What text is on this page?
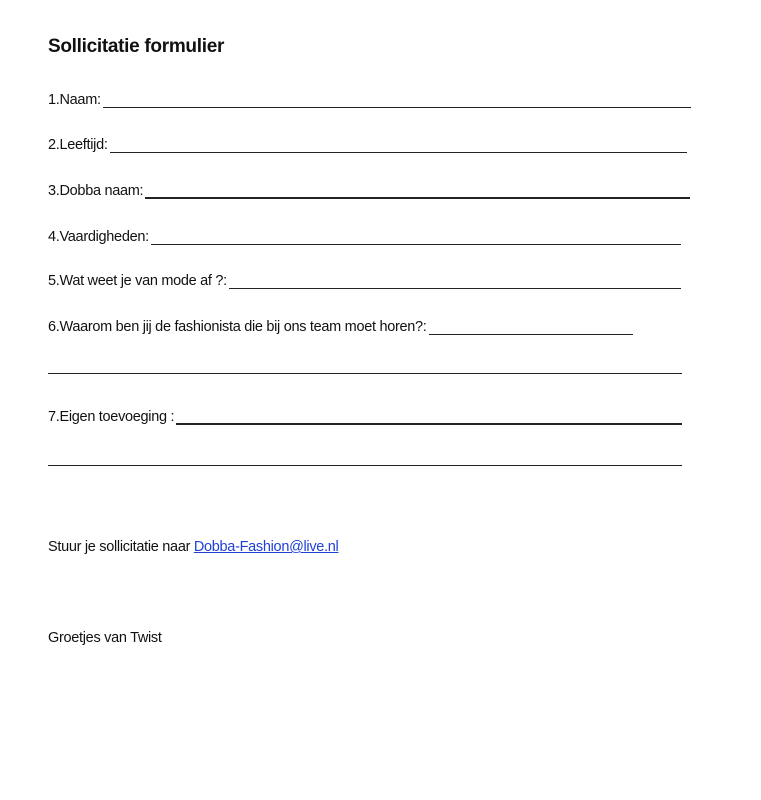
Sollicitatie formulier
1.Naam:
2.Leeftijd:
3.Dobba naam:
4.Vaardigheden:
5.Wat weet je van mode af ?:
6.Waarom ben jij de fashionista die bij ons team moet horen?:
7.Eigen toevoeging :
Stuur je sollicitatie naar Dobba-Fashion@live.nl
Groetjes van Twist
